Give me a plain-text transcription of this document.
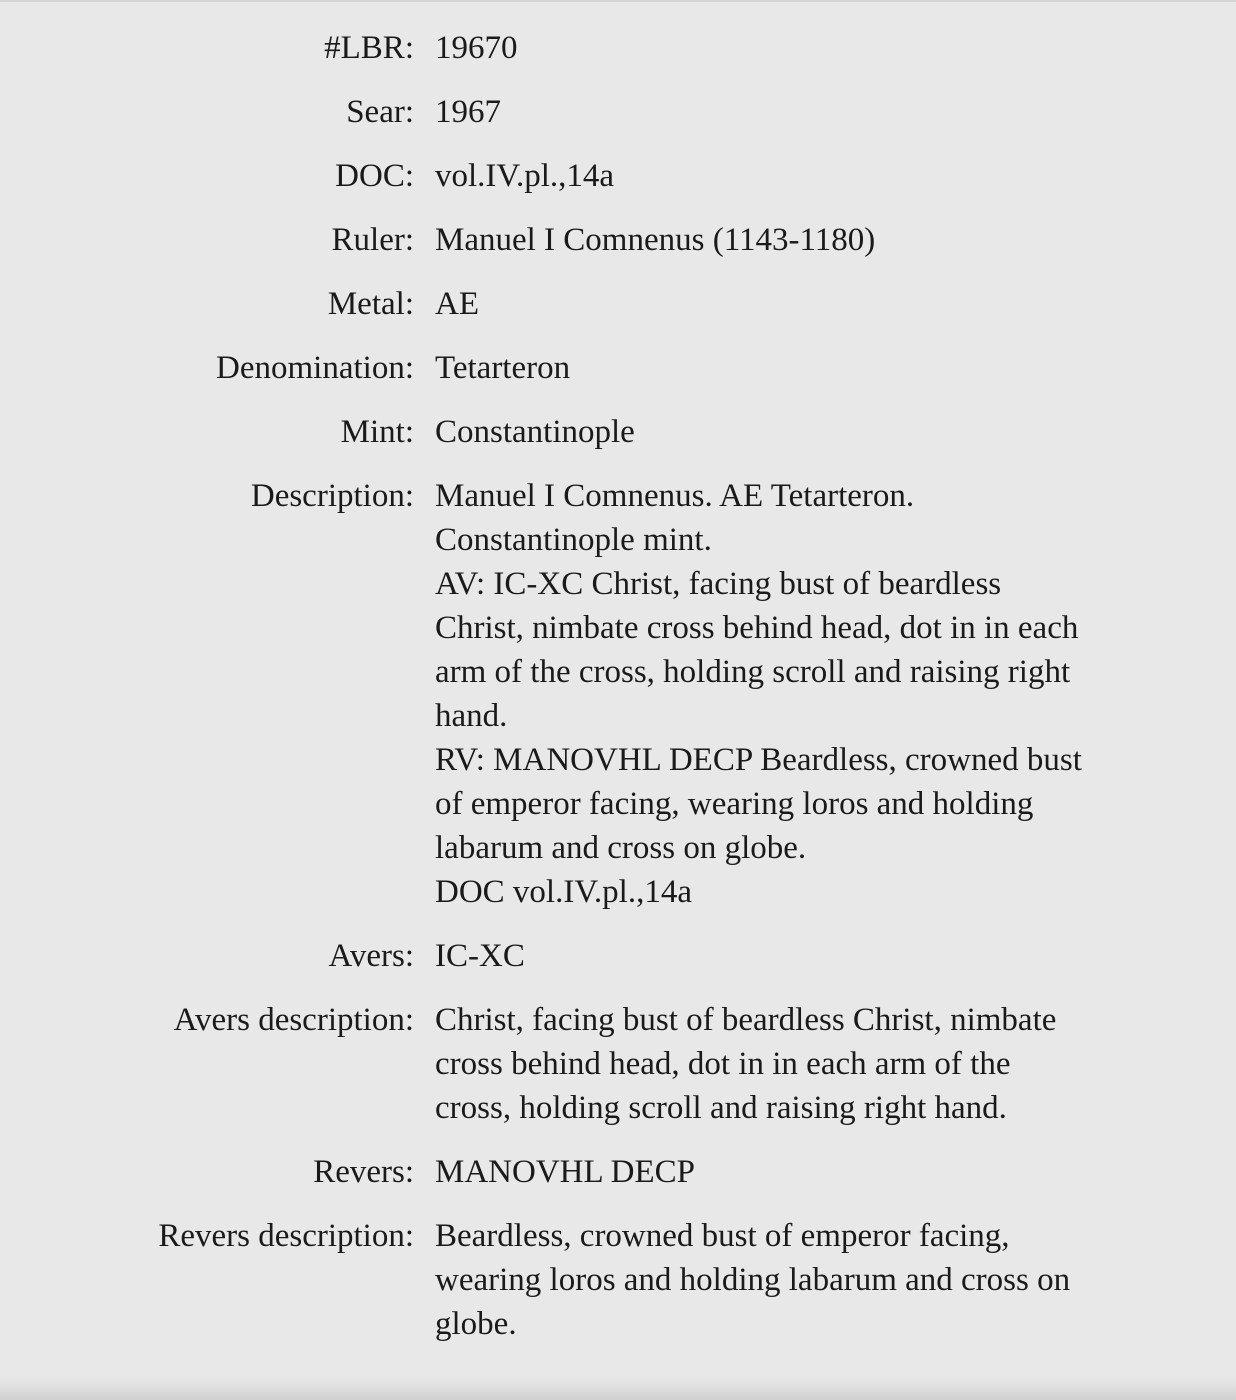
#LBR: 19670
Sear: 1967
DOC: vol.IV.pl.,14a
Ruler: Manuel I Comnenus (1143-1180)
Metal: AE
Denomination: Tetarteron
Mint: Constantinople
Description: Manuel I Comnenus. AE Tetarteron.
Constantinople mint.
AV: IC-XC Christ, facing bust of beardless Christ, nimbate cross behind head, dot in in each arm of the cross, holding scroll and raising right hand.
RV: MANOVHL DECP Beardless, crowned bust of emperor facing, wearing loros and holding labarum and cross on globe.
DOC vol.IV.pl.,14a
Avers: IC-XC
Avers description: Christ, facing bust of beardless Christ, nimbate cross behind head, dot in in each arm of the cross, holding scroll and raising right hand.
Revers: MANOVHL DECP
Revers description: Beardless, crowned bust of emperor facing, wearing loros and holding labarum and cross on globe.
